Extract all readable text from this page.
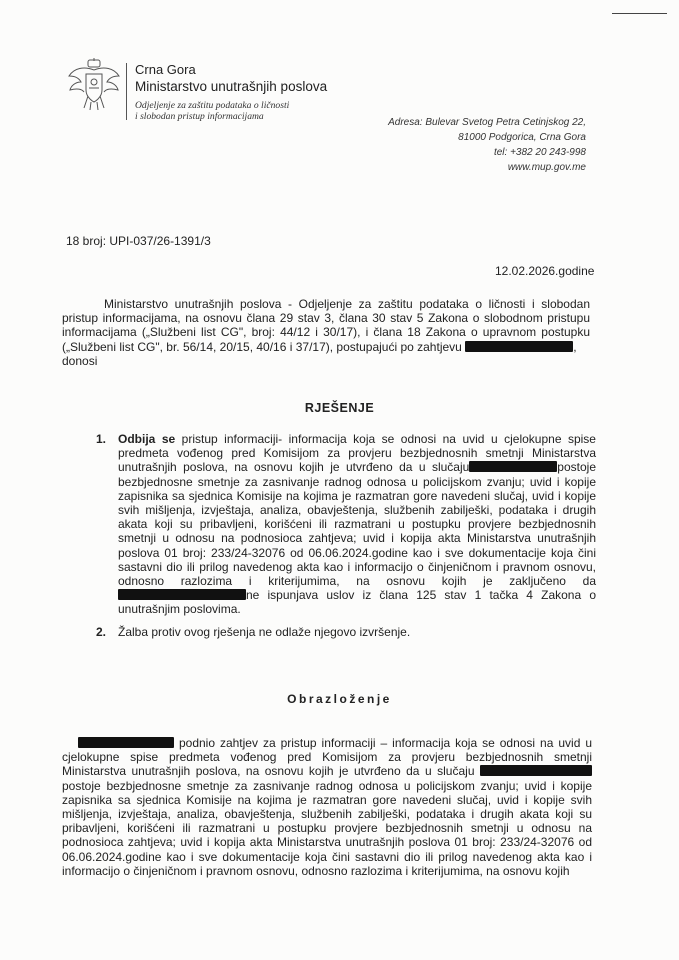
Crna Gora
Ministarstvo unutrašnjih poslova
Odjeljenje za zaštitu podataka o ličnosti
i slobodan pristup informacijama
Adresa: Bulevar Svetog Petra Cetinjskog 22,
81000 Podgorica, Crna Gora
tel: +382 20 243-998
www.mup.gov.me
18 broj: UPI-037/26-1391/3
12.02.2026.godine

Ministarstvo unutrašnjih poslova - Odjeljenje za zaštitu podataka o ličnosti i slobodan pristup informacijama, na osnovu člana 29 stav 3, člana 30 stav 5 Zakona o slobodnom pristupu informacijama („Službeni list CG", broj: 44/12 i 30/17), i člana 18 Zakona o upravnom postupku („Službeni list CG", br. 56/14, 20/15, 40/16 i 37/17), postupajući po zahtjevu	,
donosi

RJEŠENJE
1. Odbija se pristup informaciji- informacija koja se odnosi na uvid u cjelokupne spise predmeta vođenog pred Komisijom za provjeru bezbjednosnih smetnji Ministarstva unutrašnjih poslova, na osnovu kojih je utvrđeno da u slučaju	postoje bezbjednosne smetnje za zasnivanje radnog odnosa u policijskom zvanju; uvid i kopije zapisnika sa sjednica Komisije na kojima je razmatran gore navedeni slučaj, uvid i kopije svih mišljenja, izvještaja, analiza, obavještenja, službenih zabilješki, podataka i drugih akata koji su pribavljeni, korišćeni ili razmatrani u postupku provjere bezbjednosnih smetnji u odnosu na podnosioca zahtjeva; uvid i kopija akta Ministarstva unutrašnjih poslova 01 broj: 233/24-32076 od 06.06.2024.godine kao i sve dokumentacije koja čini sastavni dio ili prilog navedenog akta kao i informacijo o činjeničnom i pravnom osnovu, odnosno razlozima i kriterijumima, na osnovu kojih je zaključeno da ne ispunjava uslov iz člana 125 stav 1 tačka 4 Zakona o unutrašnjim poslovima.
2. Žalba protiv ovog rješenja ne odlaže njegovo izvršenje.
Obrazloženje
podnio zahtjev za pristup informaciji – informacija koja se odnosi na uvid u cjelokupne spise predmeta vođenog pred Komisijom za provjeru bezbjednosnih smetnji Ministarstva unutrašnjih poslova, na osnovu kojih je utvrđeno da u slučaju  postoje bezbjednosne smetnje za zasnivanje radnog odnosa u policijskom zvanju; uvid i kopije zapisnika sa sjednica Komisije na kojima je razmatran gore navedeni slučaj, uvid i kopije svih mišljenja, izvještaja, analiza, obavještenja, službenih zabilješki, podataka i drugih akata koji su pribavljeni, korišćeni ili razmatrani u postupku provjere bezbjednosnih smetnji u odnosu na podnosioca zahtjeva; uvid i kopija akta Ministarstva unutrašnjih poslova 01 broj: 233/24-32076 od 06.06.2024.godine kao i sve dokumentacije koja čini sastavni dio ili prilog navedenog akta kao i informacijo o činjeničnom i pravnom osnovu, odnosno razlozima i kriterijumima, na osnovu kojih
